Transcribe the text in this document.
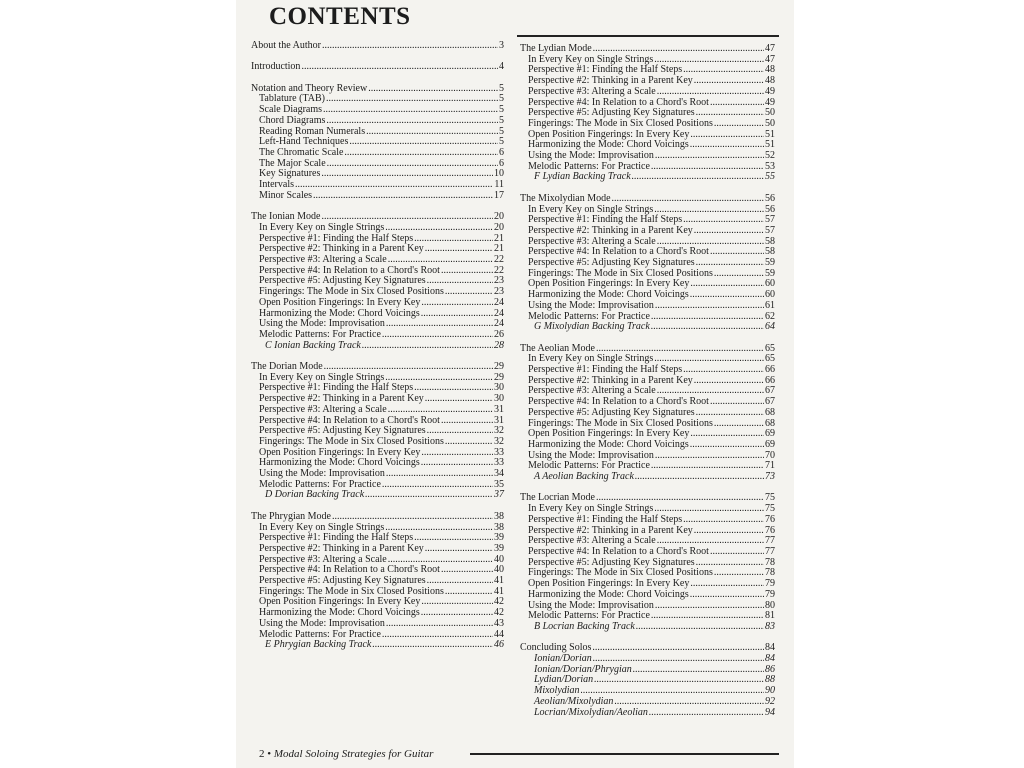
CONTENTS
About the Author .....	3
Introduction .....	4
Notation and Theory Review .....	5
Tablature (TAB) .....	5
Scale Diagrams .....	5
Chord Diagrams .....	5
Reading Roman Numerals .....	5
Left-Hand Techniques .....	5
The Chromatic Scale .....	6
The Major Scale .....	6
Key Signatures .....	10
Intervals .....	11
Minor Scales .....	17
The Ionian Mode .....	20
In Every Key on Single Strings .....	20
Perspective #1: Finding the Half Steps .....	21
Perspective #2: Thinking in a Parent Key .....	21
Perspective #3: Altering a Scale .....	22
Perspective #4: In Relation to a Chord's Root .....	22
Perspective #5: Adjusting Key Signatures .....	23
Fingerings: The Mode in Six Closed Positions .....	23
Open Position Fingerings: In Every Key .....	24
Harmonizing the Mode: Chord Voicings .....	24
Using the Mode: Improvisation .....	24
Melodic Patterns: For Practice .....	26
C Ionian Backing Track .....	28
The Dorian Mode .....	29
In Every Key on Single Strings .....	29
Perspective #1: Finding the Half Steps .....	30
Perspective #2: Thinking in a Parent Key .....	30
Perspective #3: Altering a Scale .....	31
Perspective #4: In Relation to a Chord's Root .....	31
Perspective #5: Adjusting Key Signatures .....	32
Fingerings: The Mode in Six Closed Positions .....	32
Open Position Fingerings: In Every Key .....	33
Harmonizing the Mode: Chord Voicings .....	33
Using the Mode: Improvisation .....	34
Melodic Patterns: For Practice .....	35
D Dorian Backing Track .....	37
The Phrygian Mode .....	38
In Every Key on Single Strings .....	38
Perspective #1: Finding the Half Steps .....	39
Perspective #2: Thinking in a Parent Key .....	39
Perspective #3: Altering a Scale .....	40
Perspective #4: In Relation to a Chord's Root .....	40
Perspective #5: Adjusting Key Signatures .....	41
Fingerings: The Mode in Six Closed Positions .....	41
Open Position Fingerings: In Every Key .....	42
Harmonizing the Mode: Chord Voicings .....	42
Using the Mode: Improvisation .....	43
Melodic Patterns: For Practice .....	44
E Phrygian Backing Track .....	46
The Lydian Mode .....	47
In Every Key on Single Strings .....	47
Perspective #1: Finding the Half Steps .....	48
Perspective #2: Thinking in a Parent Key .....	48
Perspective #3: Altering a Scale .....	49
Perspective #4: In Relation to a Chord's Root .....	49
Perspective #5: Adjusting Key Signatures .....	50
Fingerings: The Mode in Six Closed Positions .....	50
Open Position Fingerings: In Every Key .....	51
Harmonizing the Mode: Chord Voicings .....	51
Using the Mode: Improvisation .....	52
Melodic Patterns: For Practice .....	53
F Lydian Backing Track .....	55
The Mixolydian Mode .....	56
In Every Key on Single Strings .....	56
Perspective #1: Finding the Half Steps .....	57
Perspective #2: Thinking in a Parent Key .....	57
Perspective #3: Altering a Scale .....	58
Perspective #4: In Relation to a Chord's Root .....	58
Perspective #5: Adjusting Key Signatures .....	59
Fingerings: The Mode in Six Closed Positions .....	59
Open Position Fingerings: In Every Key .....	60
Harmonizing the Mode: Chord Voicings .....	60
Using the Mode: Improvisation .....	61
Melodic Patterns: For Practice .....	62
G Mixolydian Backing Track .....	64
The Aeolian Mode .....	65
In Every Key on Single Strings .....	65
Perspective #1: Finding the Half Steps .....	66
Perspective #2: Thinking in a Parent Key .....	66
Perspective #3: Altering a Scale .....	67
Perspective #4: In Relation to a Chord's Root .....	67
Perspective #5: Adjusting Key Signatures .....	68
Fingerings: The Mode in Six Closed Positions .....	68
Open Position Fingerings: In Every Key .....	69
Harmonizing the Mode: Chord Voicings .....	69
Using the Mode: Improvisation .....	70
Melodic Patterns: For Practice .....	71
A Aeolian Backing Track .....	73
The Locrian Mode .....	75
In Every Key on Single Strings .....	75
Perspective #1: Finding the Half Steps .....	76
Perspective #2: Thinking in a Parent Key .....	76
Perspective #3: Altering a Scale .....	77
Perspective #4: In Relation to a Chord's Root .....	77
Perspective #5: Adjusting Key Signatures .....	78
Fingerings: The Mode in Six Closed Positions .....	78
Open Position Fingerings: In Every Key .....	79
Harmonizing the Mode: Chord Voicings .....	79
Using the Mode: Improvisation .....	80
Melodic Patterns: For Practice .....	81
B Locrian Backing Track .....	83
Concluding Solos .....	84
Ionian/Dorian .....	84
Ionian/Dorian/Phrygian .....	86
Lydian/Dorian .....	88
Mixolydian .....	90
Aeolian/Mixolydian .....	92
Locrian/Mixolydian/Aeolian .....	94
2 • Modal Soloing Strategies for Guitar
